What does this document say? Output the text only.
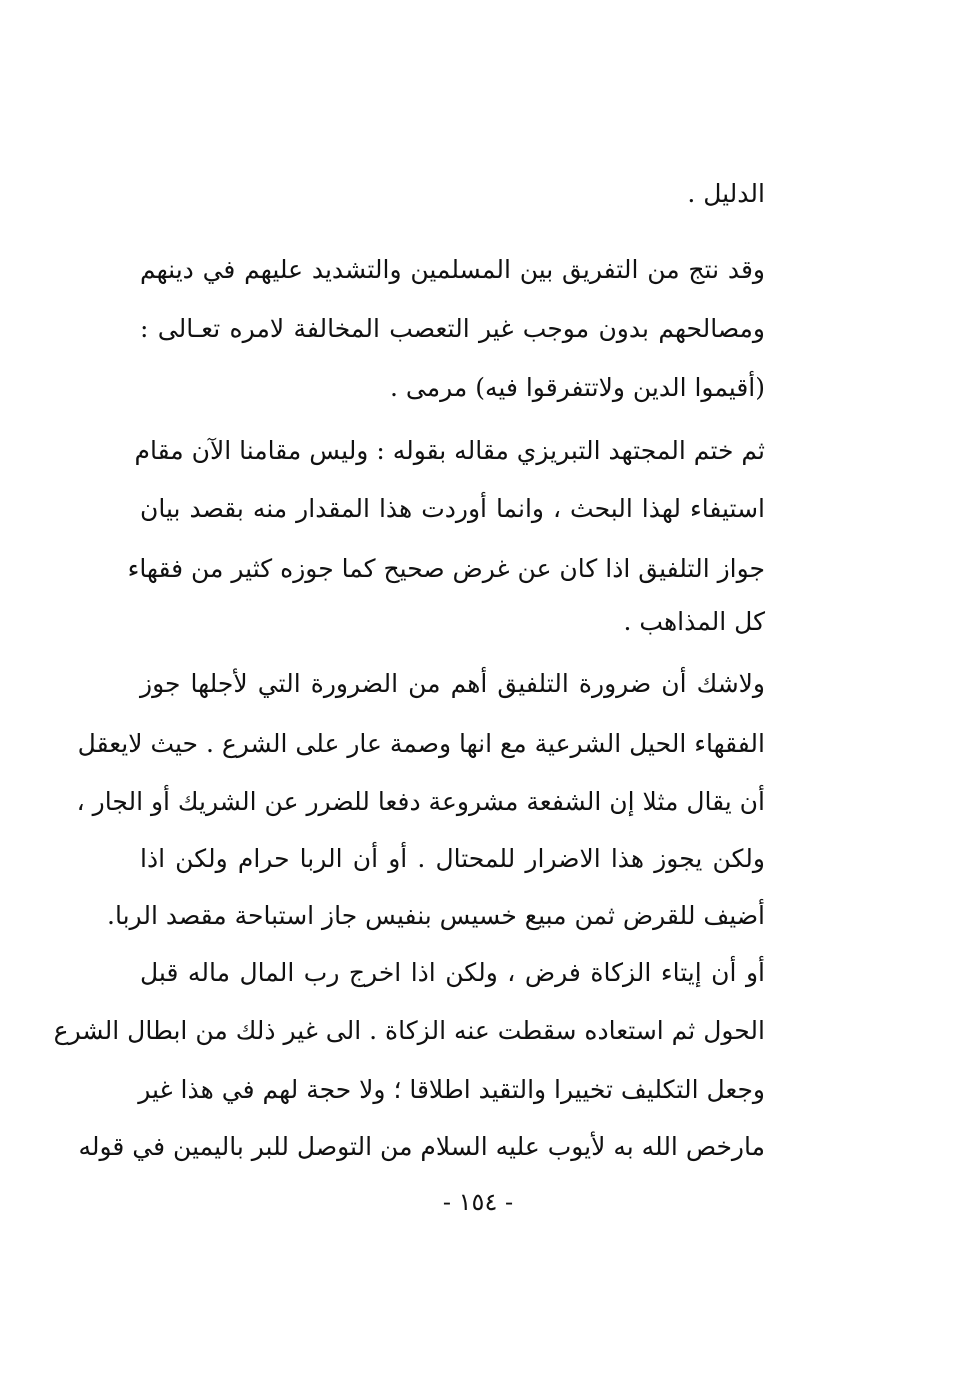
الدليل .
وقد نتج من التفريق بين المسلمين والتشديد عليهم في دينهم
ومصالحهم بدون موجب غير التعصب المخالفة لامره تعـالى :
(أقيموا الدين ولاتتفرقوا فيه) مرمى .
ثم ختم المجتهد التبريزي مقاله بقوله : وليس مقامنا الآن مقام
استيفاء لهذا البحث ، وانما أوردت هذا المقدار منه بقصد بيان
جواز التلفيق اذا كان عن غرض صحيح كما جوزه كثير من فقهاء
كل المذاهب .
ولاشك أن ضرورة التلفيق أهم من الضرورة التي لأجلها جوز
الفقهاء الحيل الشرعية مع انها وصمة عار على الشرع . حيث لايعقل
أن يقال مثلا إن الشفعة مشروعة دفعا للضرر عن الشريك أو الجار ،
ولكن يجوز هذا الاضرار للمحتال . أو أن الربا حرام ولكن اذا
أضيف للقرض ثمن مبيع خسيس بنفيس جاز استباحة مقصد الربا.
أو أن إيتاء الزكاة فرض ، ولكن اذا اخرج رب المال ماله قبل
الحول ثم استعاده سقطت عنه الزكاة . الى غير ذلك من ابطال الشرع
وجعل التكليف تخييرا والتقيد اطلاقا ؛ ولا حجة لهم في هذا غير
مارخص الله به لأيوب عليه السلام من التوصل للبر باليمين في قوله
- ١٥٤ -
